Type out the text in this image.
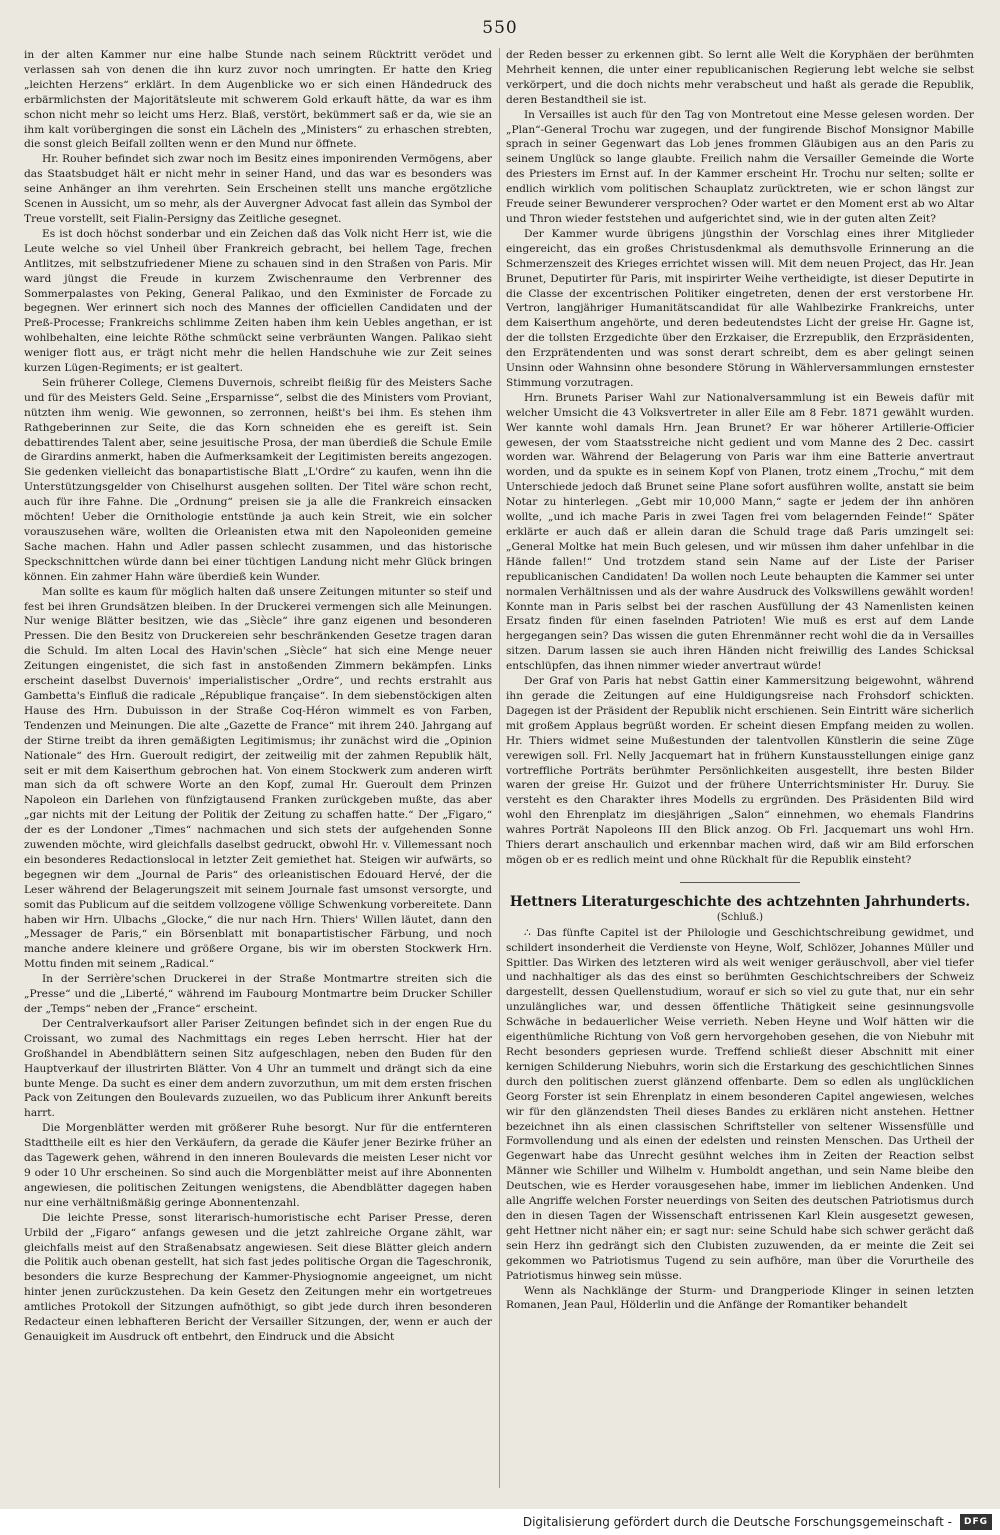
550

in der alten Kammer nur eine halbe Stunde nach seinem Rücktritt verödet und verlassen sah von denen die ihn kurz zuvor noch umringten. Er hatte den Krieg „leichten Herzens“ erklärt. In dem Augenblicke wo er sich einen Händedruck des erbärmlichsten der Majoritätsleute mit schwerem Gold erkauft hätte, da war es ihm schon nicht mehr so leicht ums Herz. Blaß, verstört, bekümmert saß er da, wie sie an ihm kalt vorübergingen die sonst ein Lächeln des „Ministers“ zu erhaschen strebten, die sonst gleich Beifall zollten wenn er den Mund nur öffnete.

Hr. Rouher befindet sich zwar noch im Besitz eines imponirenden Vermögens, aber das Staatsbudget hält er nicht mehr in seiner Hand, und das war es besonders was seine Anhänger an ihm verehrten. Sein Erscheinen stellt uns manche ergötzliche Scenen in Aussicht, um so mehr, als der Auvergner Advocat fast allein das Symbol der Treue vorstellt, seit Fialin-Persigny das Zeitliche gesegnet.

Es ist doch höchst sonderbar und ein Zeichen daß das Volk nicht Herr ist, wie die Leute welche so viel Unheil über Frankreich gebracht, bei hellem Tage, frechen Antlitzes, mit selbstzufriedener Miene zu schauen sind in den Straßen von Paris. Mir ward jüngst die Freude in kurzem Zwischenraume den Verbrenner des Sommerpalastes von Peking, General Palikao, und den Exminister de Forcade zu begegnen. Wer erinnert sich noch des Mannes der officiellen Candidaten und der Preß-Processe; Frankreichs schlimme Zeiten haben ihm kein Uebles angethan, er ist wohlbehalten, eine leichte Röthe schmückt seine verbräunten Wangen. Palikao sieht weniger flott aus, er trägt nicht mehr die hellen Handschuhe wie zur Zeit seines kurzen Lügen-Regiments; er ist gealtert.

Sein früherer College, Clemens Duvernois, schreibt fleißig für des Meisters Sache und für des Meisters Geld. Seine „Ersparnisse“, selbst die des Ministers vom Proviant, nützten ihm wenig. Wie gewonnen, so zerronnen, heißt's bei ihm. Es stehen ihm Rathgeberinnen zur Seite, die das Korn schneiden ehe es gereift ist. Sein debattirendes Talent aber, seine jesuitische Prosa, der man überdieß die Schule Emile de Girardins anmerkt, haben die Aufmerksamkeit der Legitimisten bereits angezogen. Sie gedenken vielleicht das bonapartistische Blatt „L'Ordre“ zu kaufen, wenn ihn die Unterstützungsgelder von Chiselhurst ausgehen sollten. Der Titel wäre schon recht, auch für ihre Fahne. Die „Ordnung“ preisen sie ja alle die Frankreich einsacken möchten! Ueber die Ornithologie entstünde ja auch kein Streit, wie ein solcher vorauszusehen wäre, wollten die Orleanisten etwa mit den Napoleoniden gemeine Sache machen. Hahn und Adler passen schlecht zusammen, und das historische Speckschnittchen würde dann bei einer tüchtigen Landung nicht mehr Glück bringen können. Ein zahmer Hahn wäre überdieß kein Wunder.

Man sollte es kaum für möglich halten daß unsere Zeitungen mitunter so steif und fest bei ihren Grundsätzen bleiben. In der Druckerei vermengen sich alle Meinungen. Nur wenige Blätter besitzen, wie das „Siècle“ ihre ganz eigenen und besonderen Pressen. Die den Besitz von Druckereien sehr beschränkenden Gesetze tragen daran die Schuld. Im alten Local des Havin'schen „Siècle“ hat sich eine Menge neuer Zeitungen eingenistet, die sich fast in anstoßenden Zimmern bekämpfen. Links erscheint daselbst Duvernois' imperialistischer „Ordre“, und rechts erstrahlt aus Gambetta's Einfluß die radicale „République française“. In dem siebenstöckigen alten Hause des Hrn. Dubuisson in der Straße Coq-Héron wimmelt es von Farben, Tendenzen und Meinungen. Die alte „Gazette de France“ mit ihrem 240. Jahrgang auf der Stirne treibt da ihren gemäßigten Legitimismus; ihr zunächst wird die „Opinion Nationale“ des Hrn. Gueroult redigirt, der zeitweilig mit der zahmen Republik hält, seit er mit dem Kaiserthum gebrochen hat. Von einem Stockwerk zum anderen wirft man sich da oft schwere Worte an den Kopf, zumal Hr. Gueroult dem Prinzen Napoleon ein Darlehen von fünfzigtausend Franken zurückgeben mußte, das aber „gar nichts mit der Leitung der Politik der Zeitung zu schaffen hatte.“ Der „Figaro,“ der es der Londoner „Times“ nachmachen und sich stets der aufgehenden Sonne zuwenden möchte, wird gleichfalls daselbst gedruckt, obwohl Hr. v. Villemessant noch ein besonderes Redactionslocal in letzter Zeit gemiethet hat. Steigen wir aufwärts, so begegnen wir dem „Journal de Paris“ des orleanistischen Edouard Hervé, der die Leser während der Belagerungszeit mit seinem Journale fast umsonst versorgte, und somit das Publicum auf die seitdem vollzogene völlige Schwenkung vorbereitete. Dann haben wir Hrn. Ulbachs „Glocke,“ die nur nach Hrn. Thiers' Willen läutet, dann den „Messager de Paris,“ ein Börsenblatt mit bonapartistischer Färbung, und noch manche andere kleinere und größere Organe, bis wir im obersten Stockwerk Hrn. Mottu finden mit seinem „Radical.“

In der Serrière'schen Druckerei in der Straße Montmartre streiten sich die „Presse“ und die „Liberté,“ während im Faubourg Montmartre beim Drucker Schiller der „Temps“ neben der „France“ erscheint.

Der Centralverkaufsort aller Pariser Zeitungen befindet sich in der engen Rue du Croissant, wo zumal des Nachmittags ein reges Leben herrscht. Hier hat der Großhandel in Abendblättern seinen Sitz aufgeschlagen, neben den Buden für den Hauptverkauf der illustrirten Blätter. Von 4 Uhr an tummelt und drängt sich da eine bunte Menge. Da sucht es einer dem andern zuvorzuthun, um mit dem ersten frischen Pack von Zeitungen den Boulevards zuzueilen, wo das Publicum ihrer Ankunft bereits harrt.

Die Morgenblätter werden mit größerer Ruhe besorgt. Nur für die entfernteren Stadttheile eilt es hier den Verkäufern, da gerade die Käufer jener Bezirke früher an das Tagewerk gehen, während in den inneren Boulevards die meisten Leser nicht vor 9 oder 10 Uhr erscheinen. So sind auch die Morgenblätter meist auf ihre Abonnenten angewiesen, die politischen Zeitungen wenigstens, die Abendblätter dagegen haben nur eine verhältnißmäßig geringe Abonnentenzahl.

Die leichte Presse, sonst literarisch-humoristische echt Pariser Presse, deren Urbild der „Figaro“ anfangs gewesen und die jetzt zahlreiche Organe zählt, war gleichfalls meist auf den Straßenabsatz angewiesen. Seit diese Blätter gleich andern die Politik auch obenan gestellt, hat sich fast jedes politische Organ die Tageschronik, besonders die kurze Besprechung der Kammer-Physiognomie angeeignet, um nicht hinter jenen zurückzustehen. Da kein Gesetz den Zeitungen mehr ein wortgetreues amtliches Protokoll der Sitzungen aufnöthigt, so gibt jede durch ihren besonderen Redacteur einen lebhafteren Bericht der Versailler Sitzungen, der, wenn er auch der Genauigkeit im Ausdruck oft entbehrt, den Eindruck und die Absicht

der Reden besser zu erkennen gibt. So lernt alle Welt die Koryphäen der berühmten Mehrheit kennen, die unter einer republicanischen Regierung lebt welche sie selbst verkörpert, und die doch nichts mehr verabscheut und haßt als gerade die Republik, deren Bestandtheil sie ist.

In Versailles ist auch für den Tag von Montretout eine Messe gelesen worden. Der „Plan“-General Trochu war zugegen, und der fungirende Bischof Monsignor Mabille sprach in seiner Gegenwart das Lob jenes frommen Gläubigen aus an den Paris zu seinem Unglück so lange glaubte. Freilich nahm die Versailler Gemeinde die Worte des Priesters im Ernst auf. In der Kammer erscheint Hr. Trochu nur selten; sollte er endlich wirklich vom politischen Schauplatz zurücktreten, wie er schon längst zur Freude seiner Bewunderer versprochen? Oder wartet er den Moment erst ab wo Altar und Thron wieder feststehen und aufgerichtet sind, wie in der guten alten Zeit?

Der Kammer wurde übrigens jüngsthin der Vorschlag eines ihrer Mitglieder eingereicht, das ein großes Christusdenkmal als demuthsvolle Erinnerung an die Schmerzenszeit des Krieges errichtet wissen will. Mit dem neuen Project, das Hr. Jean Brunet, Deputirter für Paris, mit inspirirter Weihe vertheidigte, ist dieser Deputirte in die Classe der excentrischen Politiker eingetreten, denen der erst verstorbene Hr. Vertron, langjähriger Humanitätscandidat für alle Wahlbezirke Frankreichs, unter dem Kaiserthum angehörte, und deren bedeutendstes Licht der greise Hr. Gagne ist, der die tollsten Erzgedichte über den Erzkaiser, die Erzrepublik, den Erzpräsidenten, den Erzprätendenten und was sonst derart schreibt, dem es aber gelingt seinen Unsinn oder Wahnsinn ohne besondere Störung in Wählerversammlungen ernstester Stimmung vorzutragen.

Hrn. Brunets Pariser Wahl zur Nationalversammlung ist ein Beweis dafür mit welcher Umsicht die 43 Volksvertreter in aller Eile am 8 Febr. 1871 gewählt wurden. Wer kannte wohl damals Hrn. Jean Brunet? Er war höherer Artillerie-Officier gewesen, der vom Staatsstreiche nicht gedient und vom Manne des 2 Dec. cassirt worden war. Während der Belagerung von Paris war ihm eine Batterie anvertraut worden, und da spukte es in seinem Kopf von Planen, trotz einem „Trochu,“ mit dem Unterschiede jedoch daß Brunet seine Plane sofort ausführen wollte, anstatt sie beim Notar zu hinterlegen. „Gebt mir 10,000 Mann,“ sagte er jedem der ihn anhören wollte, „und ich mache Paris in zwei Tagen frei vom belagernden Feinde!“ Später erklärte er auch daß er allein daran die Schuld trage daß Paris umzingelt sei: „General Moltke hat mein Buch gelesen, und wir müssen ihm daher unfehlbar in die Hände fallen!“ Und trotzdem stand sein Name auf der Liste der Pariser republicanischen Candidaten! Da wollen noch Leute behaupten die Kammer sei unter normalen Verhältnissen und als der wahre Ausdruck des Volkswillens gewählt worden! Konnte man in Paris selbst bei der raschen Ausfüllung der 43 Namenlisten keinen Ersatz finden für einen faselnden Patrioten! Wie muß es erst auf dem Lande hergegangen sein? Das wissen die guten Ehrenmänner recht wohl die da in Versailles sitzen. Darum lassen sie auch ihren Händen nicht freiwillig des Landes Schicksal entschlüpfen, das ihnen nimmer wieder anvertraut würde!

Der Graf von Paris hat nebst Gattin einer Kammersitzung beigewohnt, während ihn gerade die Zeitungen auf eine Huldigungsreise nach Frohsdorf schickten. Dagegen ist der Präsident der Republik nicht erschienen. Sein Eintritt wäre sicherlich mit großem Applaus begrüßt worden. Er scheint diesen Empfang meiden zu wollen. Hr. Thiers widmet seine Mußestunden der talentvollen Künstlerin die seine Züge verewigen soll. Frl. Nelly Jacquemart hat in frühern Kunstausstellungen einige ganz vortreffliche Porträts berühmter Persönlichkeiten ausgestellt, ihre besten Bilder waren der greise Hr. Guizot und der frühere Unterrichtsminister Hr. Duruy. Sie versteht es den Charakter ihres Modells zu ergründen. Des Präsidenten Bild wird wohl den Ehrenplatz im diesjährigen „Salon“ einnehmen, wo ehemals Flandrins wahres Porträt Napoleons III den Blick anzog. Ob Frl. Jacquemart uns wohl Hrn. Thiers derart anschaulich und erkennbar machen wird, daß wir am Bild erforschen mögen ob er es redlich meint und ohne Rückhalt für die Republik einsteht?

Hettners Literaturgeschichte des achtzehnten Jahrhunderts.

(Schluß.)

∴ Das fünfte Capitel ist der Philologie und Geschichtschreibung gewidmet, und schildert insonderheit die Verdienste von Heyne, Wolf, Schlözer, Johannes Müller und Spittler. Das Wirken des letzteren wird als weit weniger geräuschvoll, aber viel tiefer und nachhaltiger als das des einst so berühmten Geschichtschreibers der Schweiz dargestellt, dessen Quellenstudium, worauf er sich so viel zu gute that, nur ein sehr unzulängliches war, und dessen öffentliche Thätigkeit seine gesinnungsvolle Schwäche in bedauerlicher Weise verrieth. Neben Heyne und Wolf hätten wir die eigenthümliche Richtung von Voß gern hervorgehoben gesehen, die von Niebuhr mit Recht besonders gepriesen wurde. Treffend schließt dieser Abschnitt mit einer kernigen Schilderung Niebuhrs, worin sich die Erstarkung des geschichtlichen Sinnes durch den politischen zuerst glänzend offenbarte. Dem so edlen als unglücklichen Georg Forster ist sein Ehrenplatz in einem besonderen Capitel angewiesen, welches wir für den glänzendsten Theil dieses Bandes zu erklären nicht anstehen. Hettner bezeichnet ihn als einen classischen Schriftsteller von seltener Wissensfülle und Formvollendung und als einen der edelsten und reinsten Menschen. Das Urtheil der Gegenwart habe das Unrecht gesühnt welches ihm in Zeiten der Reaction selbst Männer wie Schiller und Wilhelm v. Humboldt angethan, und sein Name bleibe den Deutschen, wie es Herder vorausgesehen habe, immer im lieblichen Andenken. Und alle Angriffe welchen Forster neuerdings von Seiten des deutschen Patriotismus durch den in diesen Tagen der Wissenschaft entrissenen Karl Klein ausgesetzt gewesen, geht Hettner nicht näher ein; er sagt nur: seine Schuld habe sich schwer gerächt daß sein Herz ihn gedrängt sich den Clubisten zuzuwenden, da er meinte die Zeit sei gekommen wo Patriotismus Tugend zu sein aufhöre, man über die Vorurtheile des Patriotismus hinweg sein müsse.

Wenn als Nachklänge der Sturm- und Drangperiode Klinger in seinen letzten Romanen, Jean Paul, Hölderlin und die Anfänge der Romantiker behandelt

Digitalisierung gefördert durch die Deutsche Forschungsgemeinschaft -	DFG
